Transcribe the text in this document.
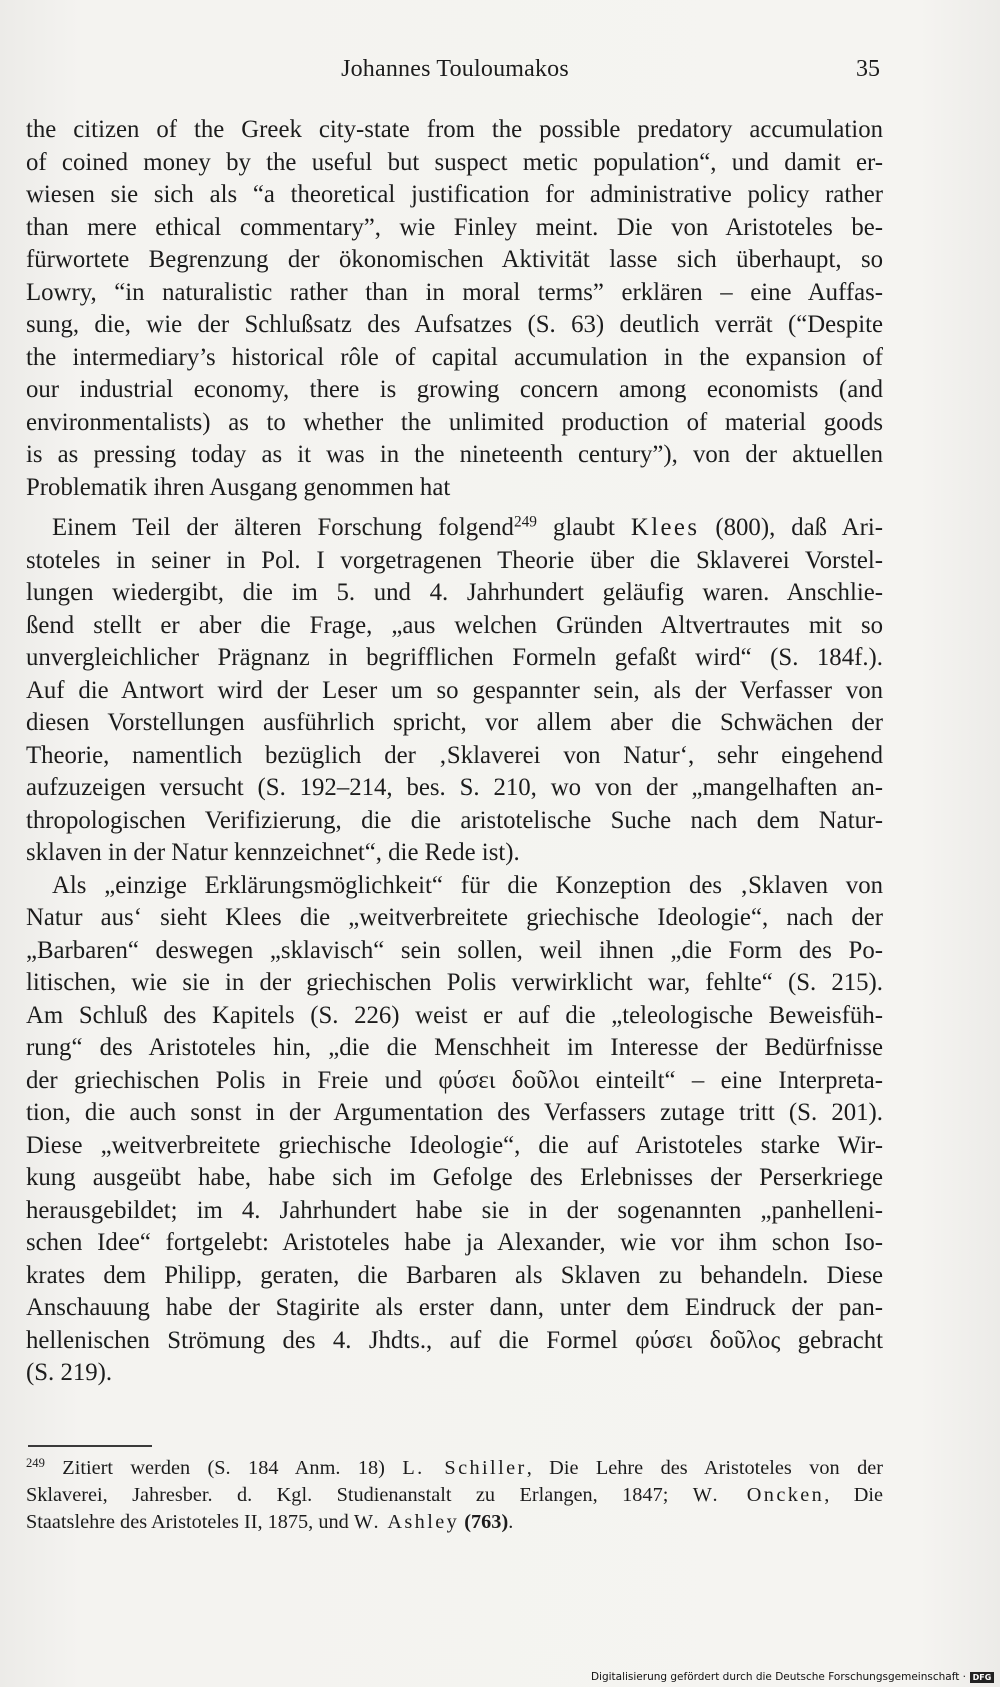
Johannes Touloumakos	35
the citizen of the Greek city-state from the possible predatory accumulation
of coined money by the useful but suspect metic population“, und damit er-
wiesen sie sich als “a theoretical justification for administrative policy rather
than mere ethical commentary”, wie Finley meint. Die von Aristoteles be-
fürwortete Begrenzung der ökonomischen Aktivität lasse sich überhaupt, so
Lowry, “in naturalistic rather than in moral terms” erklären – eine Auffas-
sung, die, wie der Schlußsatz des Aufsatzes (S. 63) deutlich verrät (“Despite
the intermediary’s historical rôle of capital accumulation in the expansion of
our industrial economy, there is growing concern among economists (and
environmentalists) as to whether the unlimited production of material goods
is as pressing today as it was in the nineteenth century”), von der aktuellen
Problematik ihren Ausgang genommen hat
Einem Teil der älteren Forschung folgend$^{249}$ glaubt Klees (800), daß Ari-
stoteles in seiner in Pol. I vorgetragenen Theorie über die Sklaverei Vorstel-
lungen wiedergibt, die im 5. und 4. Jahrhundert geläufig waren. Anschlie-
ßend stellt er aber die Frage, „aus welchen Gründen Altvertrautes mit so
unvergleichlicher Prägnanz in begrifflichen Formeln gefaßt wird“ (S. 184f.).
Auf die Antwort wird der Leser um so gespannter sein, als der Verfasser von
diesen Vorstellungen ausführlich spricht, vor allem aber die Schwächen der
Theorie, namentlich bezüglich der ‚Sklaverei von Natur‘, sehr eingehend
aufzuzeigen versucht (S. 192–214, bes. S. 210, wo von der „mangelhaften an-
thropologischen Verifizierung, die die aristotelische Suche nach dem Natur-
sklaven in der Natur kennzeichnet“, die Rede ist).
Als „einzige Erklärungsmöglichkeit“ für die Konzeption des ‚Sklaven von
Natur aus‘ sieht Klees die „weitverbreitete griechische Ideologie“, nach der
„Barbaren“ deswegen „sklavisch“ sein sollen, weil ihnen „die Form des Po-
litischen, wie sie in der griechischen Polis verwirklicht war, fehlte“ (S. 215).
Am Schluß des Kapitels (S. 226) weist er auf die „teleologische Beweisfüh-
rung“ des Aristoteles hin, „die die Menschheit im Interesse der Bedürfnisse
der griechischen Polis in Freie und φύσει δοῦλοι einteilt“ – eine Interpreta-
tion, die auch sonst in der Argumentation des Verfassers zutage tritt (S. 201).
Diese „weitverbreitete griechische Ideologie“, die auf Aristoteles starke Wir-
kung ausgeübt habe, habe sich im Gefolge des Erlebnisses der Perserkriege
herausgebildet; im 4. Jahrhundert habe sie in der sogenannten „panhelleni-
schen Idee“ fortgelebt: Aristoteles habe ja Alexander, wie vor ihm schon Iso-
krates dem Philipp, geraten, die Barbaren als Sklaven zu behandeln. Diese
Anschauung habe der Stagirite als erster dann, unter dem Eindruck der pan-
hellenischen Strömung des 4. Jhdts., auf die Formel φύσει δοῦλος gebracht
(S. 219).
$^{249}$ Zitiert werden (S. 184 Anm. 18) L. Schiller, Die Lehre des Aristoteles von der
Sklaverei, Jahresber. d. Kgl. Studienanstalt zu Erlangen, 1847; W. Oncken, Die
Staatslehre des Aristoteles II, 1875, und W. Ashley (763).
Digitalisierung gefördert durch die Deutsche Forschungsgemeinschaft · DFG
